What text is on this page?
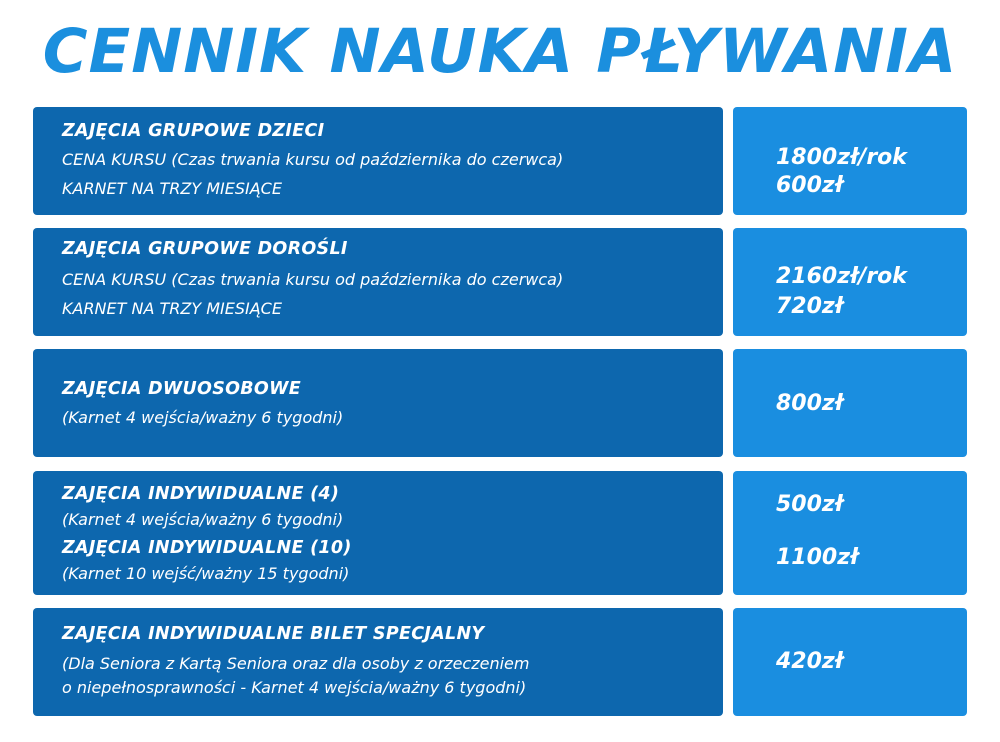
CENNIK NAUKA PŁYWANIA
ZAJĘCIA GRUPOWE DZIECI
CENA KURSU (Czas trwania kursu od października do czerwca)
KARNET NA TRZY MIESIĄCE
1800zł/rok
600zł
ZAJĘCIA GRUPOWE DOROŚLI
CENA KURSU (Czas trwania kursu od października do czerwca)
KARNET NA TRZY MIESIĄCE
2160zł/rok
720zł
ZAJĘCIA DWUOSOBOWE
(Karnet 4 wejścia/ważny 6 tygodni)
800zł
ZAJĘCIA INDYWIDUALNE (4)
(Karnet 4 wejścia/ważny 6 tygodni)
ZAJĘCIA INDYWIDUALNE (10)
(Karnet 10 wejść/ważny 15 tygodni)
500zł
1100zł
ZAJĘCIA INDYWIDUALNE BILET SPECJALNY
(Dla Seniora z Kartą Seniora oraz dla osoby z orzeczeniem
o niepełnosprawności - Karnet 4 wejścia/ważny 6 tygodni)
420zł
